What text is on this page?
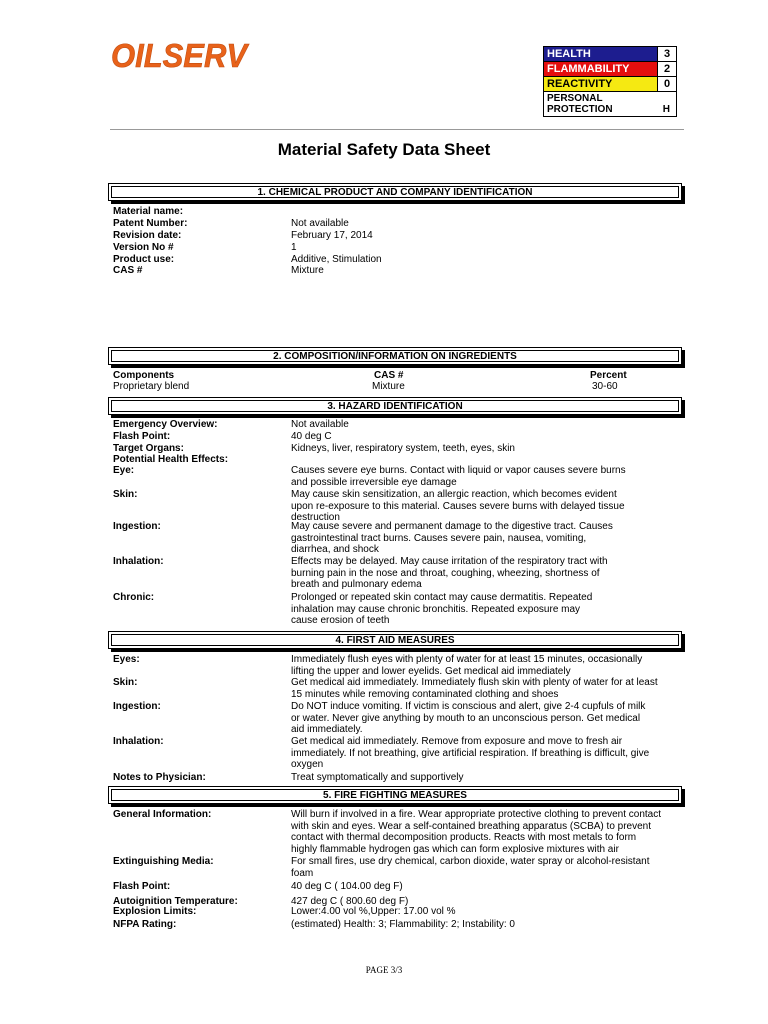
OILSERV	HEALTH	3
FLAMMABILITY	2
REACTIVITY	0

PERSONAL
PROTECTION H	
Material Safety Data Sheet
1. CHEMICAL PRODUCT AND COMPANY IDENTIFICATION
Material name:
Patent Number:	Not available
Revision date:	February 17, 2014
Version No #	1
Product use:	Additive, Stimulation
CAS #	Mixture
2. COMPOSITION/INFORMATION ON INGREDIENTS
Components	CAS #	Percent
Proprietary blend	Mixture	30-60
3. HAZARD IDENTIFICATION
Emergency Overview:	Not available
Flash Point:	40 deg C
Target Organs:	Kidneys, liver, respiratory system, teeth, eyes, skin
Potential Health Effects:
Eye:	Causes severe eye burns. Contact with liquid or vapor causes severe burns
and possible irreversible eye damage
Skin:	May cause skin sensitization, an allergic reaction, which becomes evident
upon re-exposure to this material. Causes severe burns with delayed tissue
destruction
Ingestion:	May cause severe and permanent damage to the digestive tract. Causes
gastrointestinal tract burns. Causes severe pain, nausea, vomiting,
diarrhea, and shock
Inhalation:	Effects may be delayed. May cause irritation of the respiratory tract with
burning pain in the nose and throat, coughing, wheezing, shortness of
breath and pulmonary edema
Chronic:	Prolonged or repeated skin contact may cause dermatitis. Repeated
inhalation may cause chronic bronchitis. Repeated exposure may
cause erosion of teeth
4. FIRST AID MEASURES
Eyes:	Immediately flush eyes with plenty of water for at least 15 minutes, occasionally
lifting the upper and lower eyelids. Get medical aid immediately
Skin:	Get medical aid immediately. Immediately flush skin with plenty of water for at least
15 minutes while removing contaminated clothing and shoes
Ingestion:	Do NOT induce vomiting. If victim is conscious and alert, give 2-4 cupfuls of milk
or water. Never give anything by mouth to an unconscious person. Get medical
aid immediately.
Inhalation:	Get medical aid immediately. Remove from exposure and move to fresh air
immediately. If not breathing, give artificial respiration. If breathing is difficult, give
oxygen
Notes to Physician:	Treat symptomatically and supportively
5. FIRE FIGHTING MEASURES
General Information:	Will burn if involved in a fire. Wear appropriate protective clothing to prevent contact
with skin and eyes. Wear a self-contained breathing apparatus (SCBA) to prevent
contact with thermal decomposition products. Reacts with most metals to form
highly flammable hydrogen gas which can form explosive mixtures with air
Extinguishing Media:	For small fires, use dry chemical, carbon dioxide, water spray or alcohol-resistant
foam
Flash Point:	40 deg C ( 104.00 deg F)
Autoignition Temperature:	427 deg C ( 800.60 deg F)
Explosion Limits:	Lower:4.00 vol %,Upper: 17.00 vol %
NFPA Rating:	(estimated) Health: 3; Flammability: 2; Instability: 0
PAGE 3/3
